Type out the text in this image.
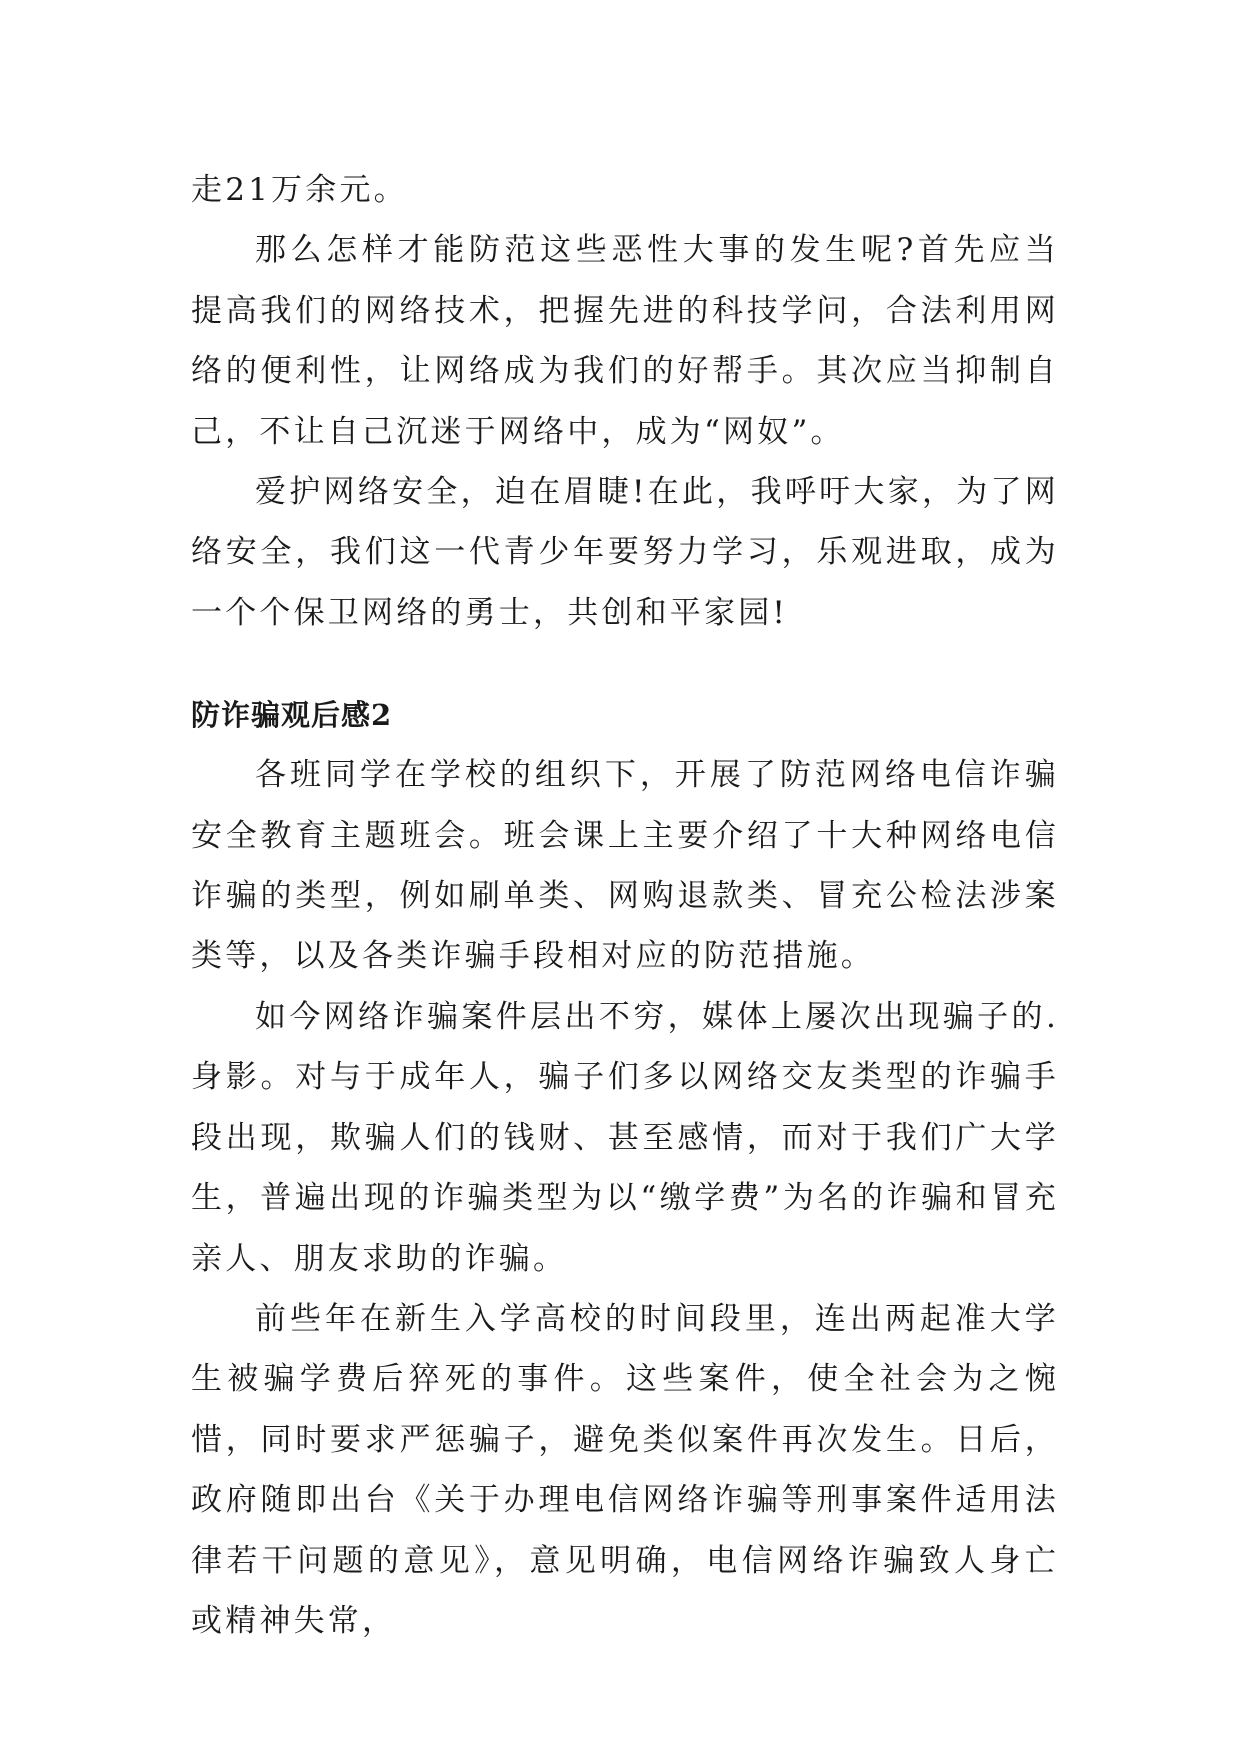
走21万余元。

那么怎样才能防范这些恶性大事的发生呢?首先应当提高我们的网络技术，把握先进的科技学问，合法利用网络的便利性，让网络成为我们的好帮手。其次应当抑制自己，不让自己沉迷于网络中，成为“网奴”。

爱护网络安全，迫在眉睫!在此，我呼吁大家，为了网络安全，我们这一代青少年要努力学习，乐观进取，成为一个个保卫网络的勇士，共创和平家园!

防诈骗观后感2

各班同学在学校的组织下，开展了防范网络电信诈骗安全教育主题班会。班会课上主要介绍了十大种网络电信诈骗的类型，例如刷单类、网购退款类、冒充公检法涉案类等，以及各类诈骗手段相对应的防范措施。

如今网络诈骗案件层出不穷，媒体上屡次出现骗子的.身影。对与于成年人，骗子们多以网络交友类型的诈骗手段出现，欺骗人们的钱财、甚至感情，而对于我们广大学生，普遍出现的诈骗类型为以“缴学费”为名的诈骗和冒充亲人、朋友求助的诈骗。

前些年在新生入学高校的时间段里，连出两起准大学生被骗学费后猝死的事件。这些案件，使全社会为之惋惜，同时要求严惩骗子，避免类似案件再次发生。日后，政府随即出台《关于办理电信网络诈骗等刑事案件适用法律若干问题的意见》，意见明确，电信网络诈骗致人身亡或精神失常，
